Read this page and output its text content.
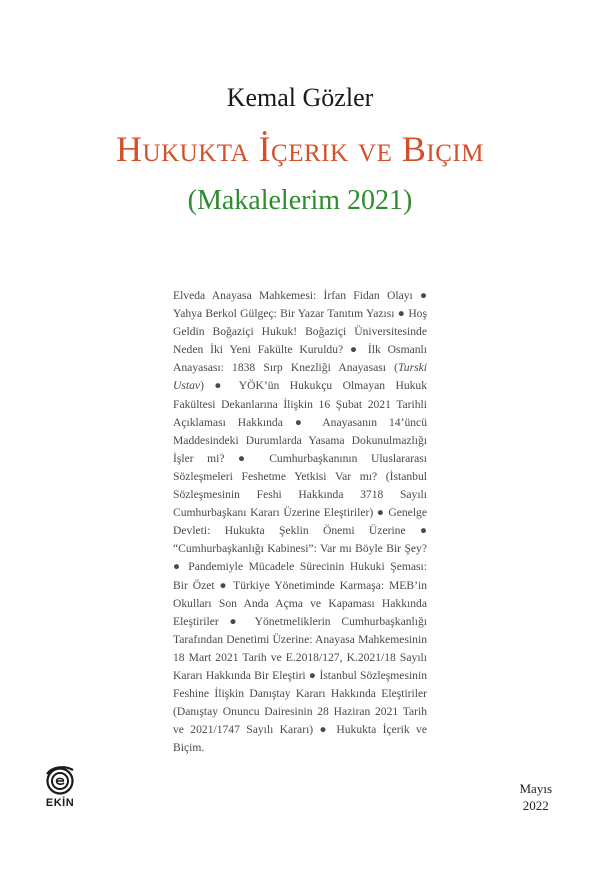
Kemal Gözler

Hukukta İçerik ve Biçim

(Makalelerim 2021)

Elveda Anayasa Mahkemesi: İrfan Fidan Olayı ● Yahya Berkol Gülgeç: Bir Yazar Tanıtım Yazısı ● Hoş Geldin Boğaziçi Hukuk! Boğaziçi Üniversitesinde Neden İki Yeni Fakülte Kuruldu? ● İlk Osmanlı Anayasası: 1838 Sırp Knezliği Anayasası (Turski Ustav) ● YÖK’ün Hukukçu Olmayan Hukuk Fakültesi Dekanlarına İlişkin 16 Şubat 2021 Tarihli Açıklaması Hakkında ● Anayasanın 14’üncü Maddesindeki Durumlarda Yasama Dokunulmazlığı İşler mi? ● Cumhurbaşkanının Uluslararası Sözleşmeleri Feshetme Yetkisi Var mı? (İstanbul Sözleşmesinin Feshi Hakkında 3718 Sayılı Cumhurbaşkanı Kararı Üzerine Eleştiriler) ● Genelge Devleti: Hukukta Şeklin Önemi Üzerine ● “Cumhurbaşkanlığı Kabinesi”: Var mı Böyle Bir Şey? ● Pandemiyle Mücadele Sürecinin Hukuki Şeması: Bir Özet ● Türkiye Yönetiminde Karmaşa: MEB’in Okulları Son Anda Açma ve Kapaması Hakkında Eleştiriler ● Yönetmeliklerin Cumhurbaşkanlığı Tarafından Denetimi Üzerine: Anayasa Mahkemesinin 18 Mart 2021 Tarih ve E.2018/127, K.2021/18 Sayılı Kararı Hakkında Bir Eleştiri ● İstanbul Sözleşmesinin Feshine İlişkin Danıştay Kararı Hakkında Eleştiriler (Danıştay Onuncu Dairesinin 28 Haziran 2021 Tarih ve 2021/1747 Sayılı Kararı) ● Hukukta İçerik ve Biçim.

EKİN
Mayıs
2022
